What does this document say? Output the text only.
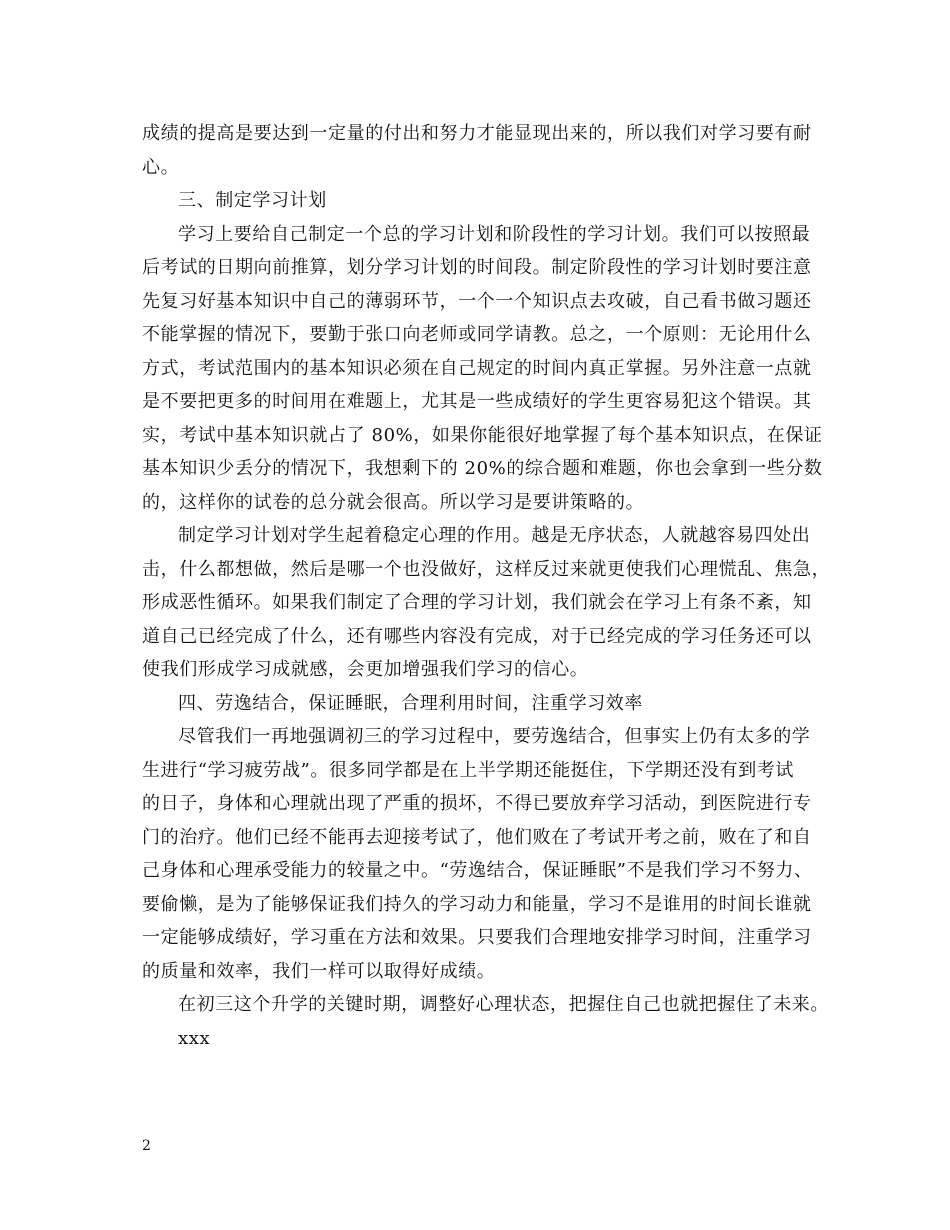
成绩的提高是要达到一定量的付出和努力才能显现出来的，所以我们对学习要有耐
心。

三、制定学习计划

学习上要给自己制定一个总的学习计划和阶段性的学习计划。我们可以按照最
后考试的日期向前推算，划分学习计划的时间段。制定阶段性的学习计划时要注意
先复习好基本知识中自己的薄弱环节，一个一个知识点去攻破，自己看书做习题还
不能掌握的情况下，要勤于张口向老师或同学请教。总之，一个原则：无论用什么
方式，考试范围内的基本知识必须在自己规定的时间内真正掌握。另外注意一点就
是不要把更多的时间用在难题上，尤其是一些成绩好的学生更容易犯这个错误。其
实，考试中基本知识就占了 80%，如果你能很好地掌握了每个基本知识点，在保证
基本知识少丢分的情况下，我想剩下的 20%的综合题和难题，你也会拿到一些分数
的，这样你的试卷的总分就会很高。所以学习是要讲策略的。

制定学习计划对学生起着稳定心理的作用。越是无序状态，人就越容易四处出
击，什么都想做，然后是哪一个也没做好，这样反过来就更使我们心理慌乱、焦急，
形成恶性循环。如果我们制定了合理的学习计划，我们就会在学习上有条不紊，知
道自己已经完成了什么，还有哪些内容没有完成，对于已经完成的学习任务还可以
使我们形成学习成就感，会更加增强我们学习的信心。

四、劳逸结合，保证睡眠，合理利用时间，注重学习效率

尽管我们一再地强调初三的学习过程中，要劳逸结合，但事实上仍有太多的学
生进行“学习疲劳战”。很多同学都是在上半学期还能挺住，下学期还没有到考试
的日子，身体和心理就出现了严重的损坏，不得已要放弃学习活动，到医院进行专
门的治疗。他们已经不能再去迎接考试了，他们败在了考试开考之前，败在了和自
己身体和心理承受能力的较量之中。“劳逸结合，保证睡眠”不是我们学习不努力、
要偷懒，是为了能够保证我们持久的学习动力和能量，学习不是谁用的时间长谁就
一定能够成绩好，学习重在方法和效果。只要我们合理地安排学习时间，注重学习
的质量和效率，我们一样可以取得好成绩。

在初三这个升学的关键时期，调整好心理状态，把握住自己也就把握住了未来。

xxx

2
